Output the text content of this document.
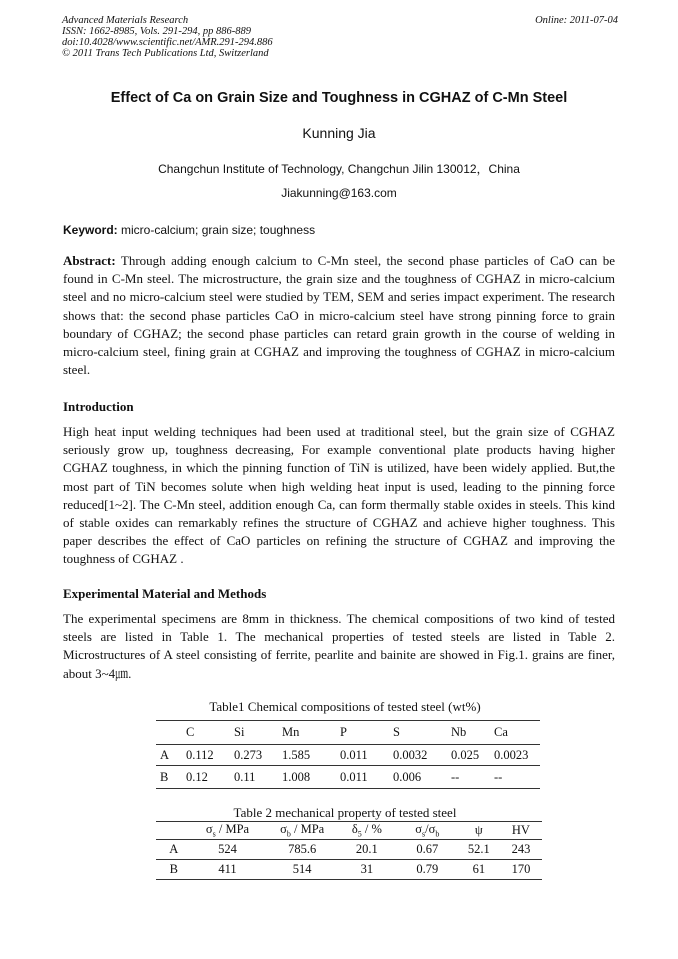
Advanced Materials Research
ISSN: 1662-8985, Vols. 291-294, pp 886-889
doi:10.4028/www.scientific.net/AMR.291-294.886
© 2011 Trans Tech Publications Ltd, Switzerland
Online: 2011-07-04
Effect of Ca on Grain Size and Toughness in CGHAZ of C-Mn Steel
Kunning Jia
Changchun Institute of Technology, Changchun Jilin 130012，China
Jiakunning@163.com
Keyword: micro-calcium; grain size; toughness
Abstract: Through adding enough calcium to C-Mn steel, the second phase particles of CaO can be found in C-Mn steel. The microstructure, the grain size and the toughness of CGHAZ in micro-calcium steel and no micro-calcium steel were studied by TEM, SEM and series impact experiment. The research shows that: the second phase particles CaO in micro-calcium steel have strong pinning force to grain boundary of CGHAZ; the second phase particles can retard grain growth in the course of welding in micro-calcium steel, fining grain at CGHAZ and improving the toughness of CGHAZ in micro-calcium steel.
Introduction
High heat input welding techniques had been used at traditional steel, but the grain size of CGHAZ seriously grow up, toughness decreasing, For example conventional plate products having higher CGHAZ toughness, in which the pinning function of TiN is utilized, have been widely applied. But,the most part of TiN becomes solute when high welding heat input is used, leading to the pinning force reduced[1~2]. The C-Mn steel, addition enough Ca, can form thermally stable oxides in steels. This kind of stable oxides can remarkably refines the structure of CGHAZ and achieve higher toughness. This paper describes the effect of CaO particles on refining the structure of CGHAZ and improving the toughness of CGHAZ .
Experimental Material and Methods
The experimental specimens are 8mm in thickness. The chemical compositions of two kind of tested steels are listed in Table 1. The mechanical properties of tested steels are listed in Table 2. Microstructures of A steel consisting of ferrite, pearlite and bainite are showed in Fig.1. grains are finer, about 3~4㎛.
Table1 Chemical compositions of tested steel (wt%)
	C	Si	Mn	P	S	Nb	Ca
A	0.112	0.273	1.585	0.011	0.0032	0.025	0.0023
B	0.12	0.11	1.008	0.011	0.006	--	--
Table 2 mechanical property of tested steel
	$\sigma_s$ / MPa	$\sigma_b$ / MPa	$\delta_5$ / %	$\sigma_s/\sigma_b$	ψ	HV
A	524	785.6	20.1	0.67	52.1	243
B	411	514	31	0.79	61	170
